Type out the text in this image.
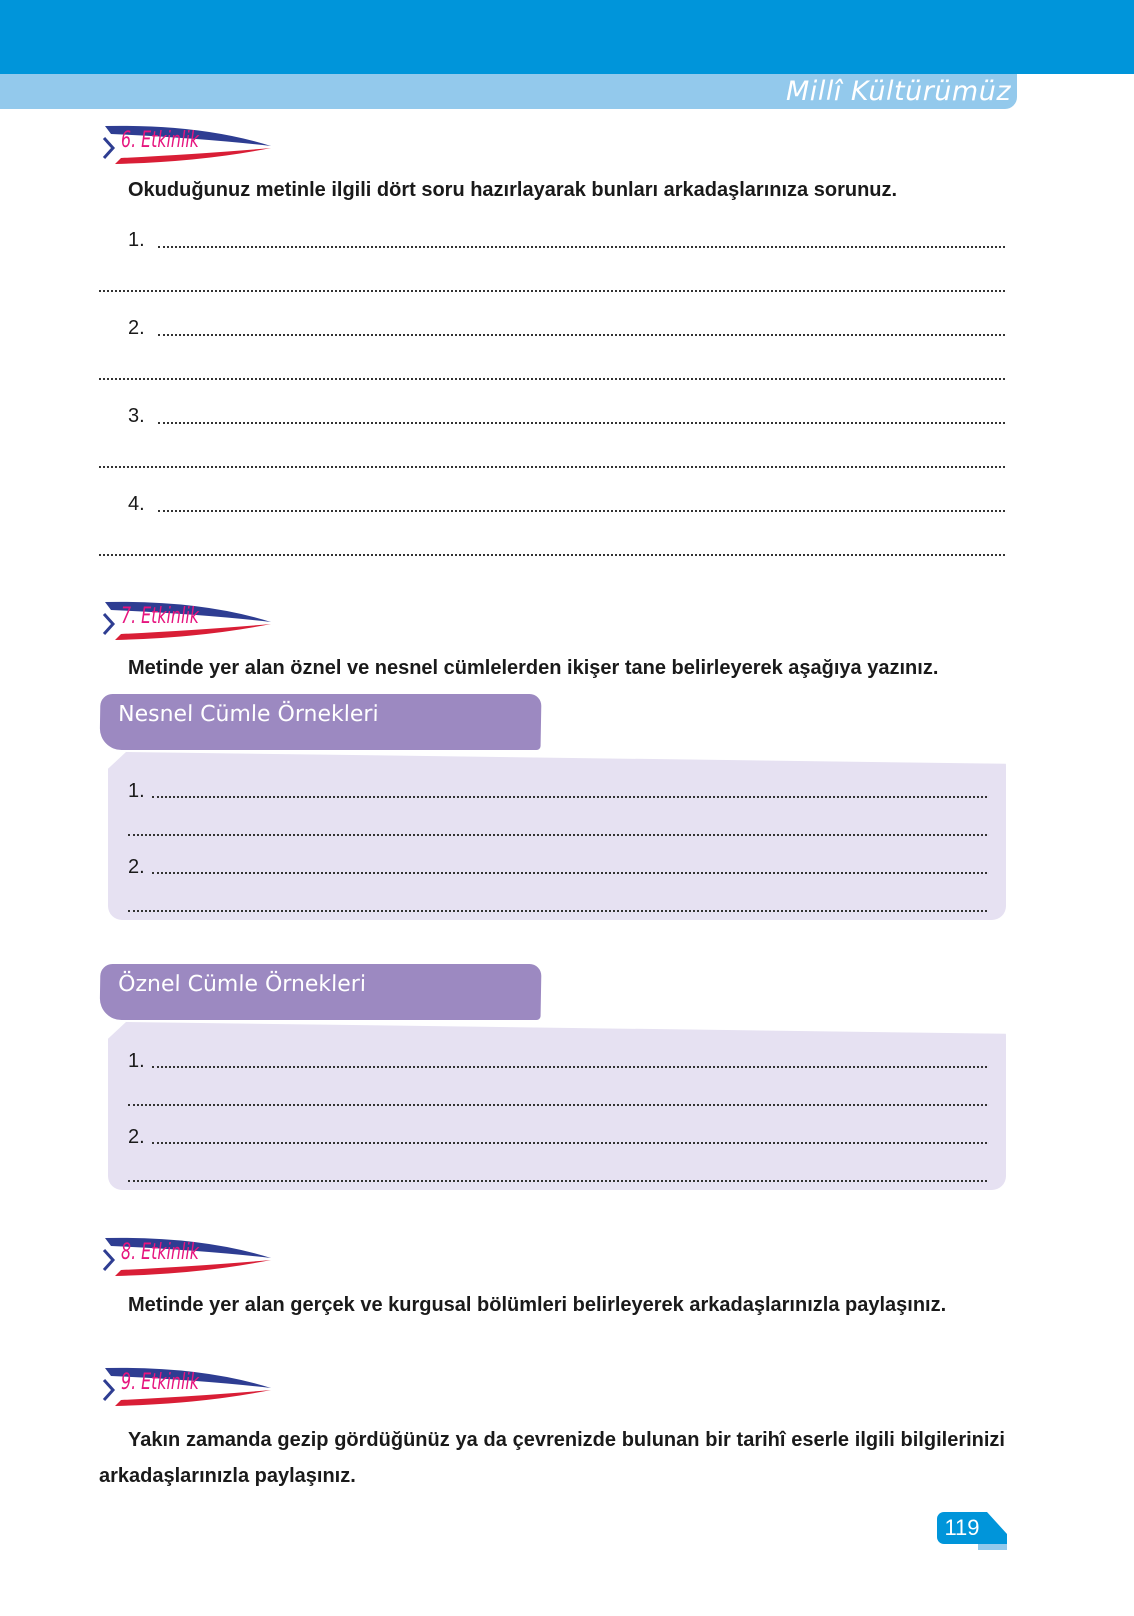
Millî Kültürümüz
6. Etkinlik
Okuduğunuz metinle ilgili dört soru hazırlayarak bunları arkadaşlarınıza sorunuz.
1.
2.
3.
4.
7. Etkinlik
Metinde yer alan öznel ve nesnel cümlelerden ikişer tane belirleyerek aşağıya yazınız.
Nesnel Cümle Örnekleri
1.
2.
Öznel Cümle Örnekleri
1.
2.
8. Etkinlik
Metinde yer alan gerçek ve kurgusal bölümleri belirleyerek arkadaşlarınızla paylaşınız.
9. Etkinlik
Yakın zamanda gezip gördüğünüz ya da çevrenizde bulunan bir tarihî eserle ilgili bilgilerinizi arkadaşlarınızla paylaşınız.
119
